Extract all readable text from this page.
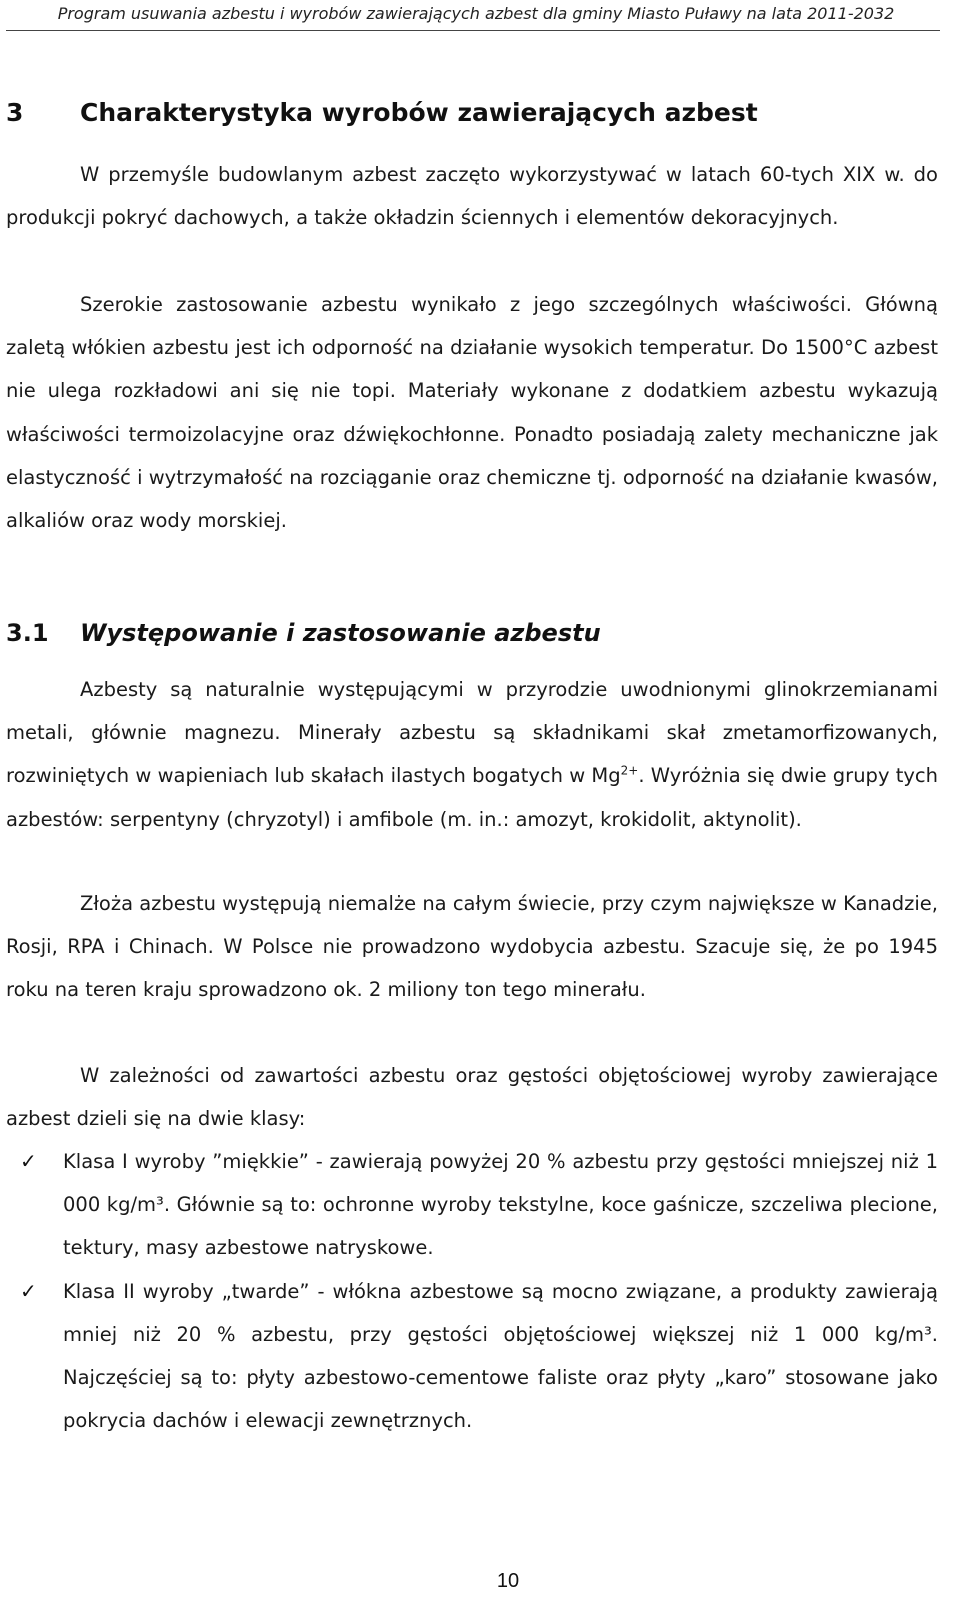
Program usuwania azbestu i wyrobów zawierających azbest dla gminy Miasto Puławy na lata 2011-2032
3 Charakterystyka wyrobów zawierających azbest

W przemyśle budowlanym azbest zaczęto wykorzystywać w latach 60-tych XIX w. do produkcji pokryć dachowych, a także okładzin ściennych i elementów dekoracyjnych.

Szerokie zastosowanie azbestu wynikało z jego szczególnych właściwości. Główną zaletą włókien azbestu jest ich odporność na działanie wysokich temperatur. Do 1500°C azbest nie ulega rozkładowi ani się nie topi. Materiały wykonane z dodatkiem azbestu wykazują właściwości termoizolacyjne oraz dźwiękochłonne. Ponadto posiadają zalety mechaniczne jak elastyczność i wytrzymałość na rozciąganie oraz chemiczne tj. odporność na działanie kwasów, alkaliów oraz wody morskiej.

3.1 Występowanie i zastosowanie azbestu

Azbesty są naturalnie występującymi w przyrodzie uwodnionymi glinokrzemianami metali, głównie magnezu. Minerały azbestu są składnikami skał zmetamorfizowanych, rozwiniętych w wapieniach lub skałach ilastych bogatych w $Mg^{2+}$. Wyróżnia się dwie grupy tych azbestów: serpentyny (chryzotyl) i amfibole (m. in.: amozyt, krokidolit, aktynolit).

Złoża azbestu występują niemalże na całym świecie, przy czym największe w Kanadzie, Rosji, RPA i Chinach. W Polsce nie prowadzono wydobycia azbestu. Szacuje się, że po 1945 roku na teren kraju sprowadzono ok. 2 miliony ton tego minerału.

W zależności od zawartości azbestu oraz gęstości objętościowej wyroby zawierające azbest dzieli się na dwie klasy:

✓ Klasa I wyroby ”miękkie” - zawierają powyżej 20 % azbestu przy gęstości mniejszej niż 1 000 kg/m³. Głównie są to: ochronne wyroby tekstylne, koce gaśnicze, szczeliwa plecione, tektury, masy azbestowe natryskowe.
✓ Klasa II wyroby „twarde” - włókna azbestowe są mocno związane, a produkty zawierają mniej niż 20 % azbestu, przy gęstości objętościowej większej niż 1 000 kg/m³. Najczęściej są to: płyty azbestowo-cementowe faliste oraz płyty „karo” stosowane jako pokrycia dachów i elewacji zewnętrznych.
10
